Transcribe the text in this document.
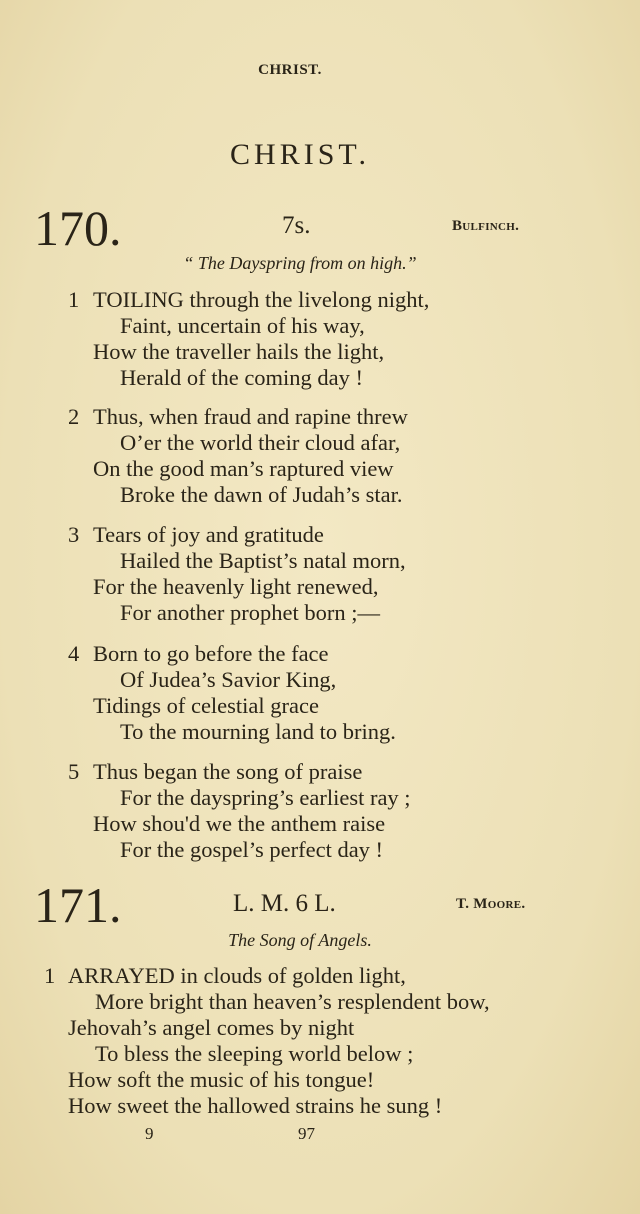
CHRIST.
CHRIST.
170.	7s.	Bulfinch.
“ The Dayspring from on high.”
1 TOILING through the livelong night,
Faint, uncertain of his way,
How the traveller hails the light,
Herald of the coming day !
2 Thus, when fraud and rapine threw
O’er the world their cloud afar,
On the good man’s raptured view
Broke the dawn of Judah’s star.
3 Tears of joy and gratitude
Hailed the Baptist’s natal morn,
For the heavenly light renewed,
For another prophet born ;—
4 Born to go before the face
Of Judea’s Savior King,
Tidings of celestial grace
To the mourning land to bring.
5 Thus began the song of praise
For the dayspring’s earliest ray ;
How shou'd we the anthem raise
For the gospel’s perfect day !
171.	L. M. 6 L.	T. Moore.
The Song of Angels.
1 ARRAYED in clouds of golden light,
More bright than heaven’s resplendent bow,
Jehovah’s angel comes by night
To bless the sleeping world below ;
How soft the music of his tongue!
How sweet the hallowed strains he sung !
9	97
